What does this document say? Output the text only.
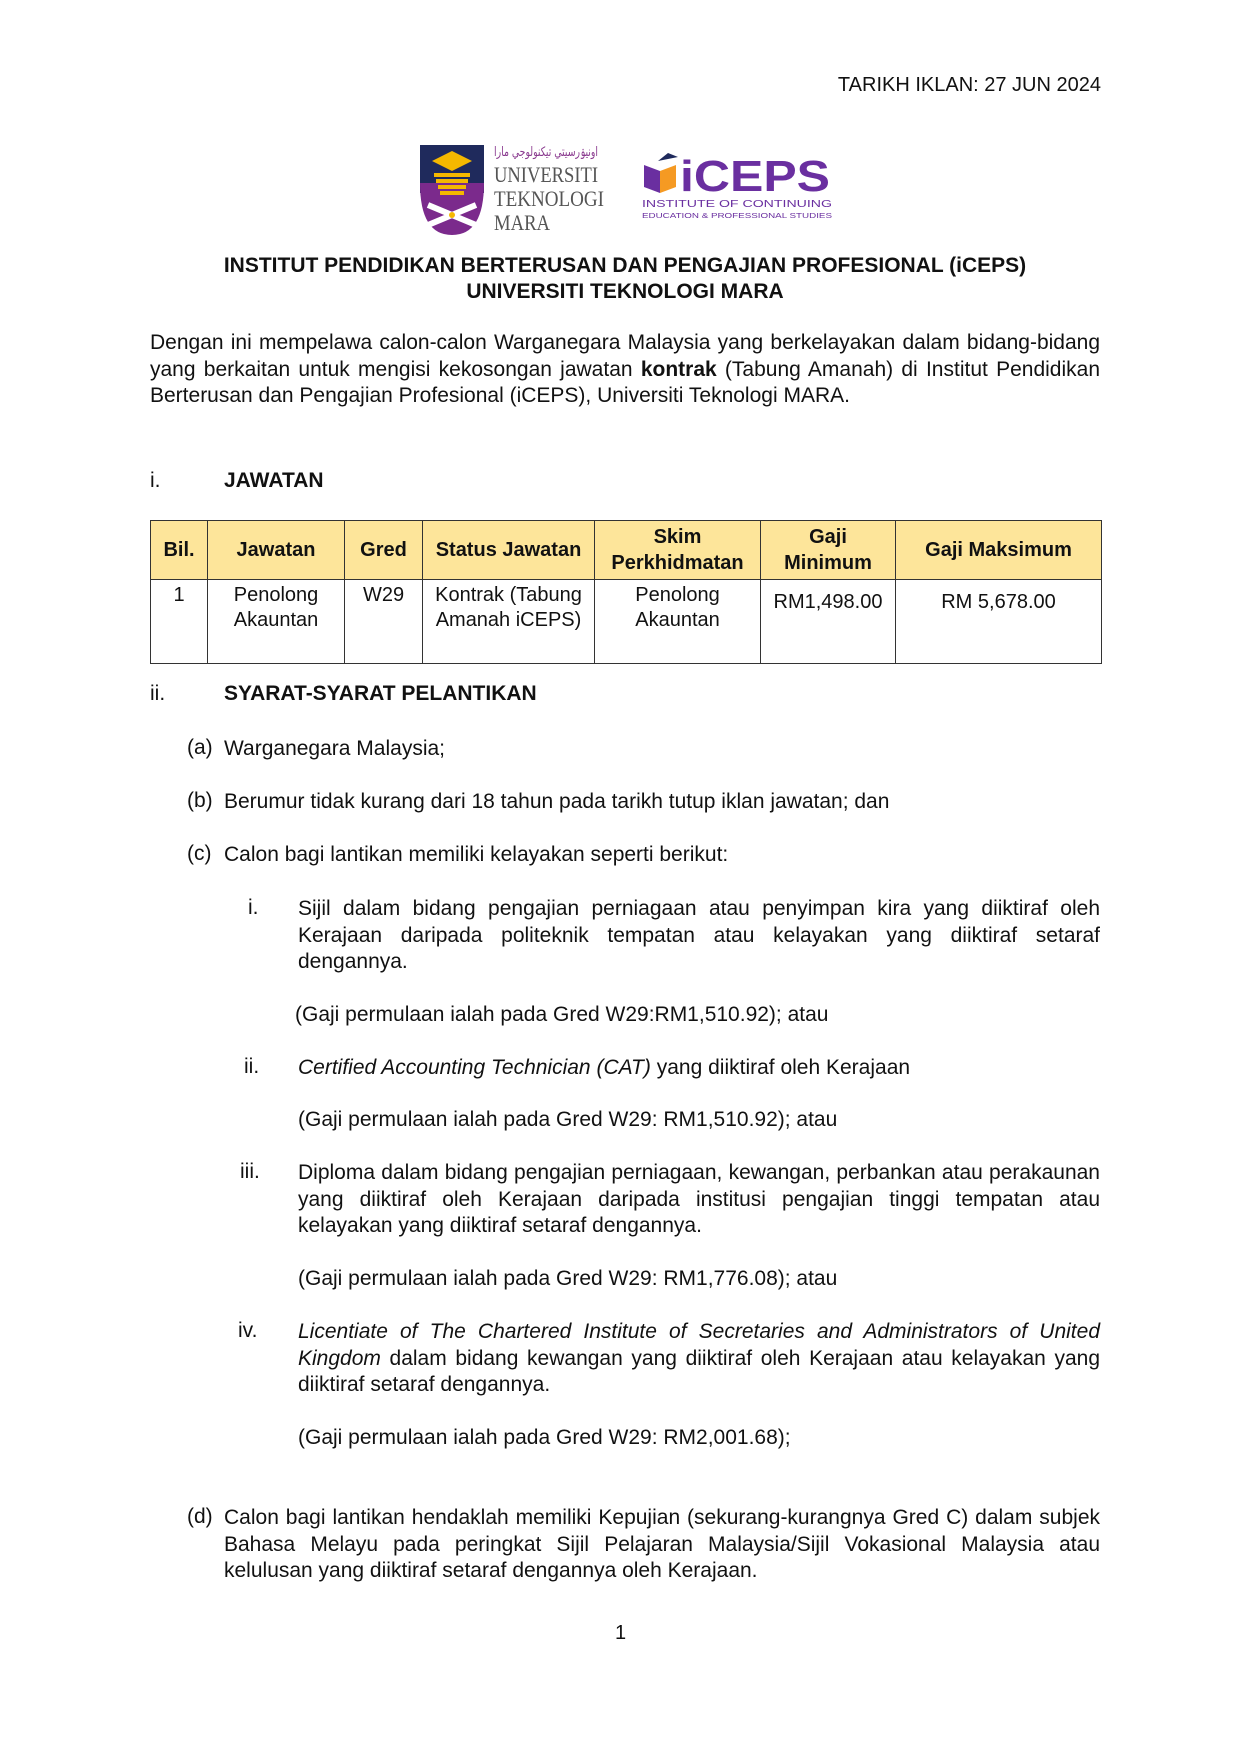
TARIKH IKLAN: 27 JUN 2024
اونيۏرسيتي تيكنولوجي مارا
UNIVERSITI
TEKNOLOGI
MARA
iCEPS
INSTITUTE OF CONTINUING
EDUCATION & PROFESSIONAL STUDIES
INSTITUT PENDIDIKAN BERTERUSAN DAN PENGAJIAN PROFESIONAL (iCEPS)
UNIVERSITI TEKNOLOGI MARA
Dengan ini mempelawa calon-calon Warganegara Malaysia yang berkelayakan dalam bidang-bidang yang berkaitan untuk mengisi kekosongan jawatan kontrak (Tabung Amanah) di Institut Pendidikan Berterusan dan Pengajian Profesional (iCEPS), Universiti Teknologi MARA.
i.	JAWATAN
Bil.	Jawatan	Gred	Status Jawatan	Skim Perkhidmatan	Gaji Minimum	Gaji Maksimum
1	Penolong Akauntan	W29	Kontrak (Tabung Amanah iCEPS)	Penolong Akauntan	RM1,498.00	RM 5,678.00
ii.	SYARAT-SYARAT PELANTIKAN
(a) Warganegara Malaysia;
(b) Berumur tidak kurang dari 18 tahun pada tarikh tutup iklan jawatan; dan
(c) Calon bagi lantikan memiliki kelayakan seperti berikut:
i. Sijil dalam bidang pengajian perniagaan atau penyimpan kira yang diiktiraf oleh Kerajaan daripada politeknik tempatan atau kelayakan yang diiktiraf setaraf dengannya.
(Gaji permulaan ialah pada Gred W29:RM1,510.92); atau
ii. Certified Accounting Technician (CAT) yang diiktiraf oleh Kerajaan
(Gaji permulaan ialah pada Gred W29: RM1,510.92); atau
iii. Diploma dalam bidang pengajian perniagaan, kewangan, perbankan atau perakaunan yang diiktiraf oleh Kerajaan daripada institusi pengajian tinggi tempatan atau kelayakan yang diiktiraf setaraf dengannya.
(Gaji permulaan ialah pada Gred W29: RM1,776.08); atau
iv. Licentiate of The Chartered Institute of Secretaries and Administrators of United Kingdom dalam bidang kewangan yang diiktiraf oleh Kerajaan atau kelayakan yang diiktiraf setaraf dengannya.
(Gaji permulaan ialah pada Gred W29: RM2,001.68);
(d) Calon bagi lantikan hendaklah memiliki Kepujian (sekurang-kurangnya Gred C) dalam subjek Bahasa Melayu pada peringkat Sijil Pelajaran Malaysia/Sijil Vokasional Malaysia atau kelulusan yang diiktiraf setaraf dengannya oleh Kerajaan.
1
